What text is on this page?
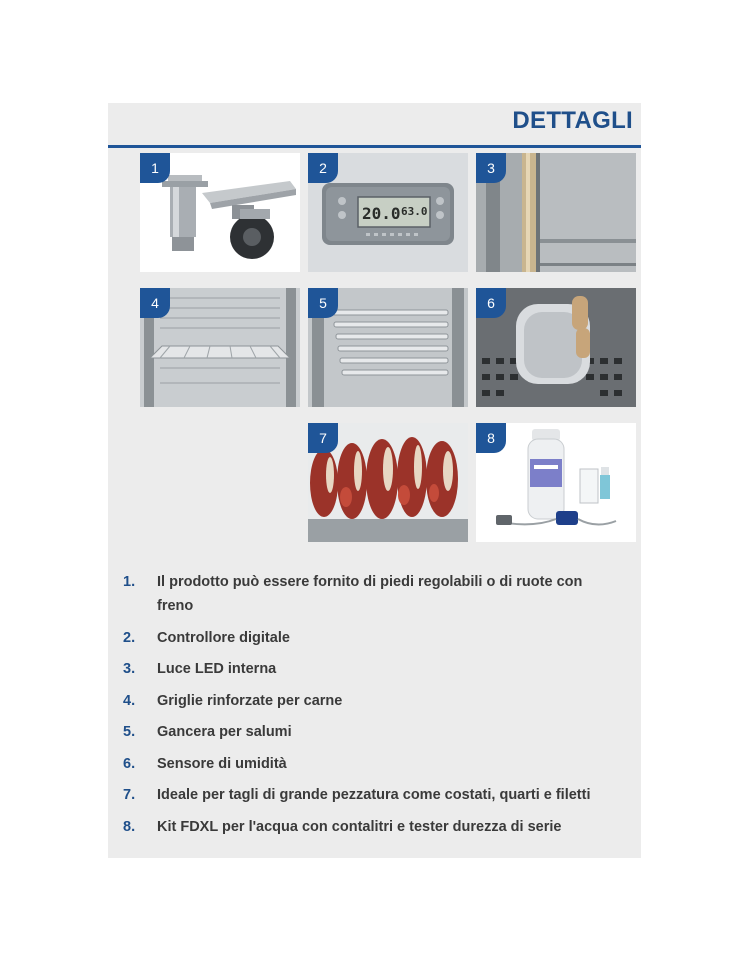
DETTAGLI
1	2
20.0 63.0
3
4	5	6
7	8
1. Il prodotto può essere fornito di piedi regolabili o di ruote con freno
2. Controllore digitale
3. Luce LED interna
4. Griglie rinforzate per carne
5. Gancera per salumi
6. Sensore di umidità
7. Ideale per tagli di grande pezzatura come costati, quarti e filetti
8. Kit FDXL per l'acqua con contalitri e tester durezza di serie
